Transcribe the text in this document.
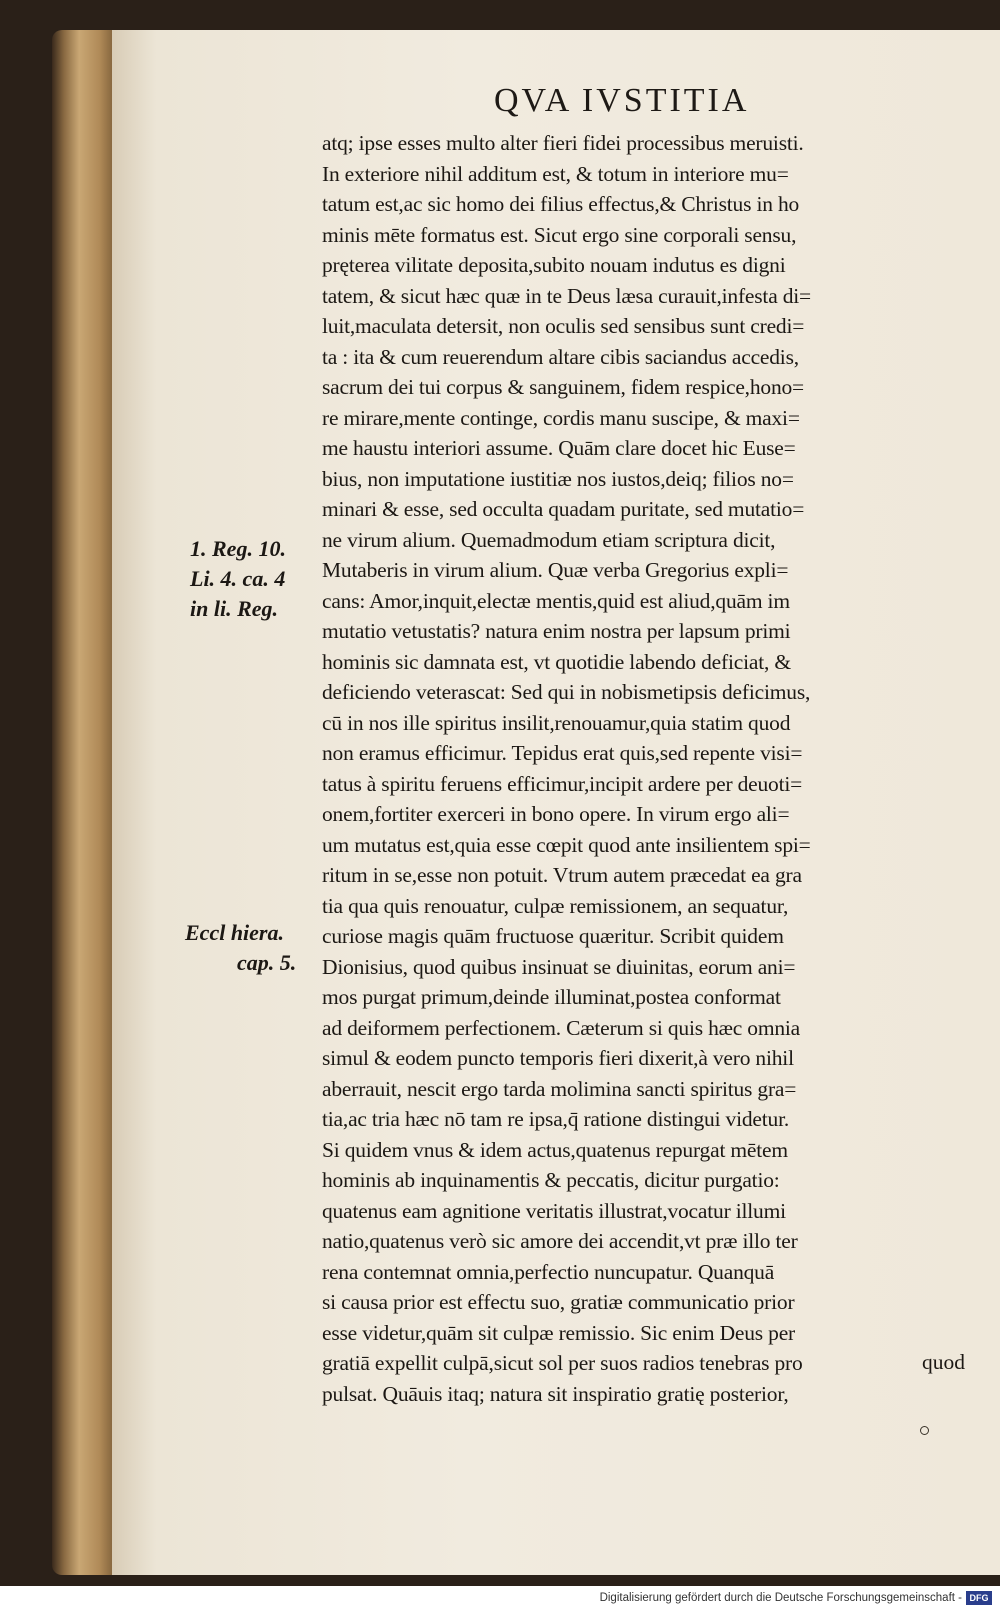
QVA IVSTITIA
atq; ipse esses multo alter fieri fidei processibus meruisti.
In exteriore nihil additum est, & totum in interiore mu=
tatum est,ac sic homo dei filius effectus,& Christus in ho
minis mēte formatus est. Sicut ergo sine corporali sensu,
pręterea vilitate deposita,subito nouam indutus es digni
tatem, & sicut hæc quæ in te Deus læsa curauit,infesta di=
luit,maculata detersit, non oculis sed sensibus sunt credi=
ta : ita & cum reuerendum altare cibis saciandus accedis,
sacrum dei tui corpus & sanguinem, fidem respice,hono=
re mirare,mente continge, cordis manu suscipe, & maxi=
me haustu interiori assume. Quām clare docet hic Euse=
bius, non imputatione iustitiæ nos iustos,deiq; filios no=
minari & esse, sed occulta quadam puritate, sed mutatio=
ne virum alium. Quemadmodum etiam scriptura dicit,
Mutaberis in virum alium. Quæ verba Gregorius expli=
cans: Amor,inquit,electæ mentis,quid est aliud,quām im
mutatio vetustatis? natura enim nostra per lapsum primi
hominis sic damnata est, vt quotidie labendo deficiat, &
deficiendo veterascat: Sed qui in nobismetipsis deficimus,
cū in nos ille spiritus insilit,renouamur,quia statim quod
non eramus efficimur. Tepidus erat quis,sed repente visi=
tatus à spiritu feruens efficimur,incipit ardere per deuoti=
onem,fortiter exerceri in bono opere. In virum ergo ali=
um mutatus est,quia esse cœpit quod ante insilientem spi=
ritum in se,esse non potuit. Vtrum autem præcedat ea gra
tia qua quis renouatur, culpæ remissionem, an sequatur,
curiose magis quām fructuose quæritur. Scribit quidem
Dionisius, quod quibus insinuat se diuinitas, eorum ani=
mos purgat primum,deinde illuminat,postea conformat
ad deiformem perfectionem. Cæterum si quis hæc omnia
simul & eodem puncto temporis fieri dixerit,à vero nihil
aberrauit, nescit ergo tarda molimina sancti spiritus gra=
tia,ac tria hæc nō tam re ipsa,q̄ ratione distingui videtur.
Si quidem vnus & idem actus,quatenus repurgat mētem
hominis ab inquinamentis & peccatis, dicitur purgatio:
quatenus eam agnitione veritatis illustrat,vocatur illumi
natio,quatenus verò sic amore dei accendit,vt præ illo ter
rena contemnat omnia,perfectio nuncupatur. Quanquā
si causa prior est effectu suo, gratiæ communicatio prior
esse videtur,quām sit culpæ remissio. Sic enim Deus per
gratiā expellit culpā,sicut sol per suos radios tenebras pro
pulsat. Quāuis itaq; natura sit inspiratio gratię posterior,
1. Reg. 10.
Li. 4. ca. 4
in li. Reg.
Eccl hiera.
cap. 5.
quod
Digitalisierung gefördert durch die Deutsche Forschungsgemeinschaft - DFG
